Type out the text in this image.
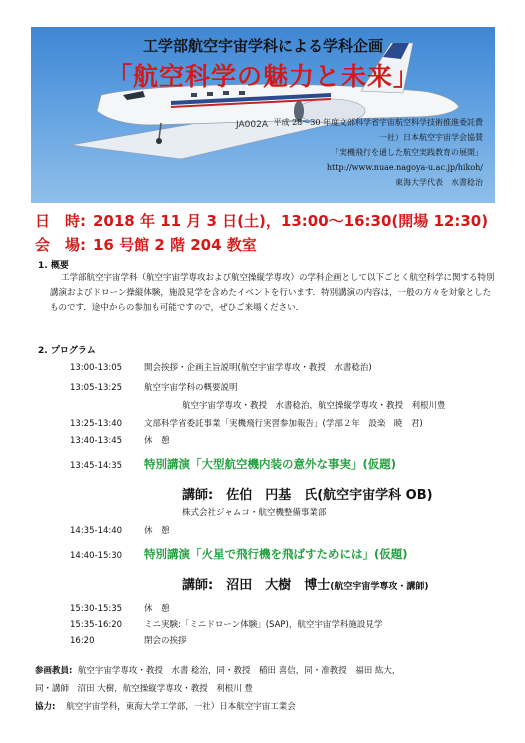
JA002A
工学部航空宇宙学科による学科企画
「航空科学の魅力と未来」
平成 28～30 年度文部科学省宇宙航空科学技術推進委託費
一社）日本航空宇宙学会協賛
「実機飛行を通した航空実践教育の展開」
http://www.nuae.nagoya-u.ac.jp/hikoh/
東海大学代表　水書稔治
日　時: 2018 年 11 月 3 日(土)，13:00～16:30(開場 12:30)
会　場: 16 号館 2 階 204 教室
1. 概要
工学部航空宇宙学科（航空宇宙学専攻および航空操縦学専攻）の学科企画として以下ごとく航空科学に関する特別講演およびドローン操縦体験，施設見学を含めたイベントを行います．特別講演の内容は，一般の方々を対象としたものです．途中からの参加も可能ですので，ぜひご来場ください．
2. プログラム
13:00-13:05	開会挨拶・企画主旨説明(航空宇宙学専攻・教授　水書稔治)
13:05-13:25	航空宇宙学科の概要説明
航空宇宙学専攻・教授　水書稔治，航空操縦学専攻・教授　利根川豊
13:25-13:40	文部科学省委託事業「実機飛行実習参加報告」(学部２年　設楽　暁　君)
13:40-13:45	休　憩
13:45-14:35 特別講演「大型航空機内装の意外な事実」(仮題)
講師:　佐伯　円基　氏(航空宇宙学科 OB)
株式会社ジャムコ・航空機整備事業部
14:35-14:40	休　憩
14:40-15:30 特別講演「火星で飛行機を飛ばすためには」(仮題)
講師:　沼田　大樹　博士(航空宇宙学専攻・講師)
15:30-15:35	休　憩
15:35-16:20	ミニ実験:「ミニドローン体験」(SAP)，航空宇宙学科施設見学
16:20	閉会の挨拶
参画教員: 航空宇宙学専攻・教授　水書 稔治，同・教授　稲田 喜信，同・准教授　福田 紘大，
同・講師　沼田 大樹，航空操縦学専攻・教授　利根川 豊
協力: 航空宇宙学科，東海大学工学部，一社）日本航空宇宙工業会
